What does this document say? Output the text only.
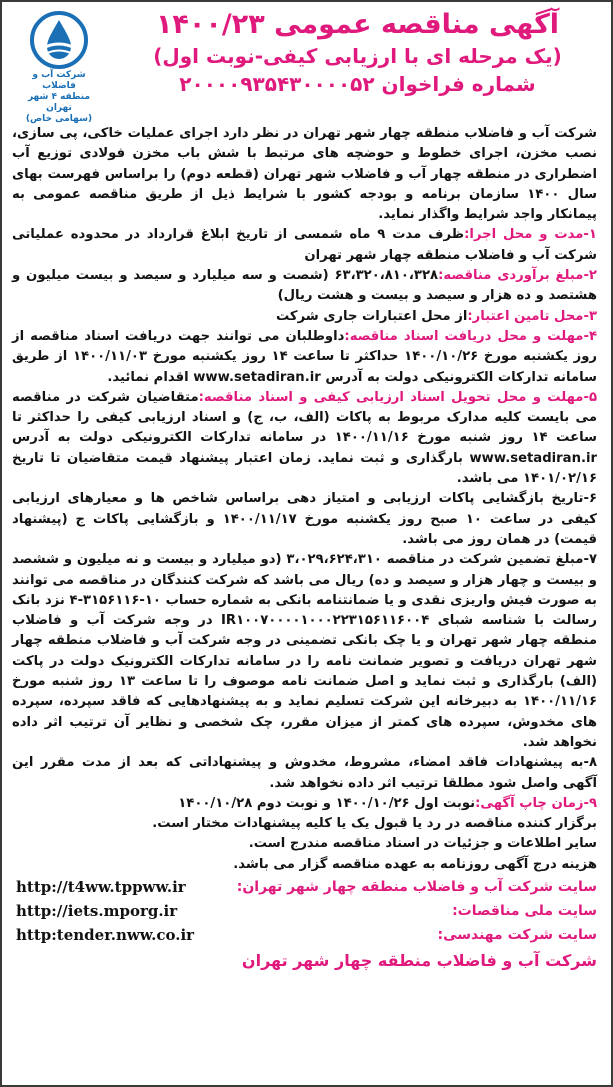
شرکت آب و فاضلاب
منطقه ۴ شهر تهران
(سهامی خاص)
آگهی مناقصه عمومی ۱۴۰۰/۲۳
(یک مرحله ای با ارزیابی کیفی-نوبت اول)
شماره فراخوان ۲۰۰۰۰۹۳۵۴۳۰۰۰۰۵۲

شرکت آب و فاضلاب منطقه چهار شهر تهران در نظر دارد اجرای عملیات خاکی، پی سازی، نصب مخزن، اجرای خطوط و حوضچه های مرتبط با شش باب مخزن فولادی توزیع آب اضطراری در منطقه چهار آب و فاضلاب شهر تهران (قطعه دوم) را براساس فهرست بهای سال ۱۴۰۰ سازمان برنامه و بودجه کشور با شرایط ذیل از طریق مناقصه عمومی به پیمانکار واجد شرایط واگذار نماید.

۱-مدت و محل اجرا:ظرف مدت ۹ ماه شمسی از تاریخ ابلاغ قرارداد در محدوده عملیاتی شرکت آب و فاضلاب منطقه چهار شهر تهران

۲-مبلغ برآوردی مناقصه:۶۳،۳۲۰،۸۱۰،۳۲۸ (شصت و سه میلیارد و سیصد و بیست میلیون و هشتصد و ده هزار و سیصد و بیست و هشت ریال)

۳-محل تامین اعتبار:از محل اعتبارات جاری شرکت

۴-مهلت و محل دریافت اسناد مناقصه:داوطلبان می توانند جهت دریافت اسناد مناقصه از روز یکشنبه مورخ ۱۴۰۰/۱۰/۲۶ حداکثر تا ساعت ۱۴ روز یکشنبه مورخ ۱۴۰۰/۱۱/۰۳ از طریق سامانه تدارکات الکترونیکی دولت به آدرس www.setadiran.ir اقدام نمائید.

۵-مهلت و محل تحویل اسناد ارزیابی کیفی و اسناد مناقصه:متقاضیان شرکت در مناقصه می بایست کلیه مدارک مربوط به پاکات (الف، ب، ج) و اسناد ارزیابی کیفی را حداکثر تا ساعت ۱۴ روز شنبه مورخ ۱۴۰۰/۱۱/۱۶ در سامانه تدارکات الکترونیکی دولت به آدرس www.setadiran.ir بارگذاری و ثبت نماید. زمان اعتبار پیشنهاد قیمت متقاضیان تا تاریخ ۱۴۰۱/۰۲/۱۶ می باشد.

۶-تاریخ بازگشایی پاکات ارزیابی و امتیاز دهی براساس شاخص ها و معیارهای ارزیابی کیفی در ساعت ۱۰ صبح روز یکشنبه مورخ ۱۴۰۰/۱۱/۱۷ و بازگشایی پاکات ج (پیشنهاد قیمت) در همان روز می باشد.

۷-مبلغ تضمین شرکت در مناقصه ۳،۰۲۹،۶۲۴،۳۱۰ (دو میلیارد و بیست و نه میلیون و ششصد و بیست و چهار هزار و سیصد و ده) ریال می باشد که شرکت کنندگان در مناقصه می توانند به صورت فیش واریزی نقدی و یا ضمانتنامه بانکی به شماره حساب ۱۰-۳۱۵۶۱۱۶-۴ نزد بانک رسالت با شناسه شبای IR۱۰۰۷۰۰۰۰۱۰۰۰۲۲۳۱۵۶۱۱۶۰۰۴ در وجه شرکت آب و فاضلاب منطقه چهار شهر تهران و یا چک بانکی تضمینی در وجه شرکت آب و فاضلاب منطقه چهار شهر تهران دریافت و تصویر ضمانت نامه را در سامانه تدارکات الکترونیک دولت در پاکت (الف) بارگذاری و ثبت نماید و اصل ضمانت نامه موصوف را تا ساعت ۱۳ روز شنبه مورخ ۱۴۰۰/۱۱/۱۶ به دبیرخانه این شرکت تسلیم نماید و به پیشنهادهایی که فاقد سپرده، سپرده های مخدوش، سپرده های کمتر از میزان مقرر، چک شخصی و نظایر آن ترتیب اثر داده نخواهد شد.

۸-به پیشنهادات فاقد امضاء، مشروط، مخدوش و پیشنهاداتی که بعد از مدت مقرر این آگهی واصل شود مطلقا ترتیب اثر داده نخواهد شد.

۹-زمان چاپ آگهی:نوبت اول ۱۴۰۰/۱۰/۲۶ و نوبت دوم ۱۴۰۰/۱۰/۲۸

برگزار کننده مناقصه در رد یا قبول یک یا کلیه پیشنهادات مختار است.

سایر اطلاعات و جزئیات در اسناد مناقصه مندرج است.

هزینه درج آگهی روزنامه به عهده مناقصه گزار می باشد.

سایت شرکت آب و فاضلاب منطقه چهار شهر تهران:
http://t4ww.tppww.ir
سایت ملی مناقصات:
http://iets.mporg.ir
سایت شرکت مهندسی:
http:tender.nww.co.ir
شرکت آب و فاضلاب منطقه چهار شهر تهران
